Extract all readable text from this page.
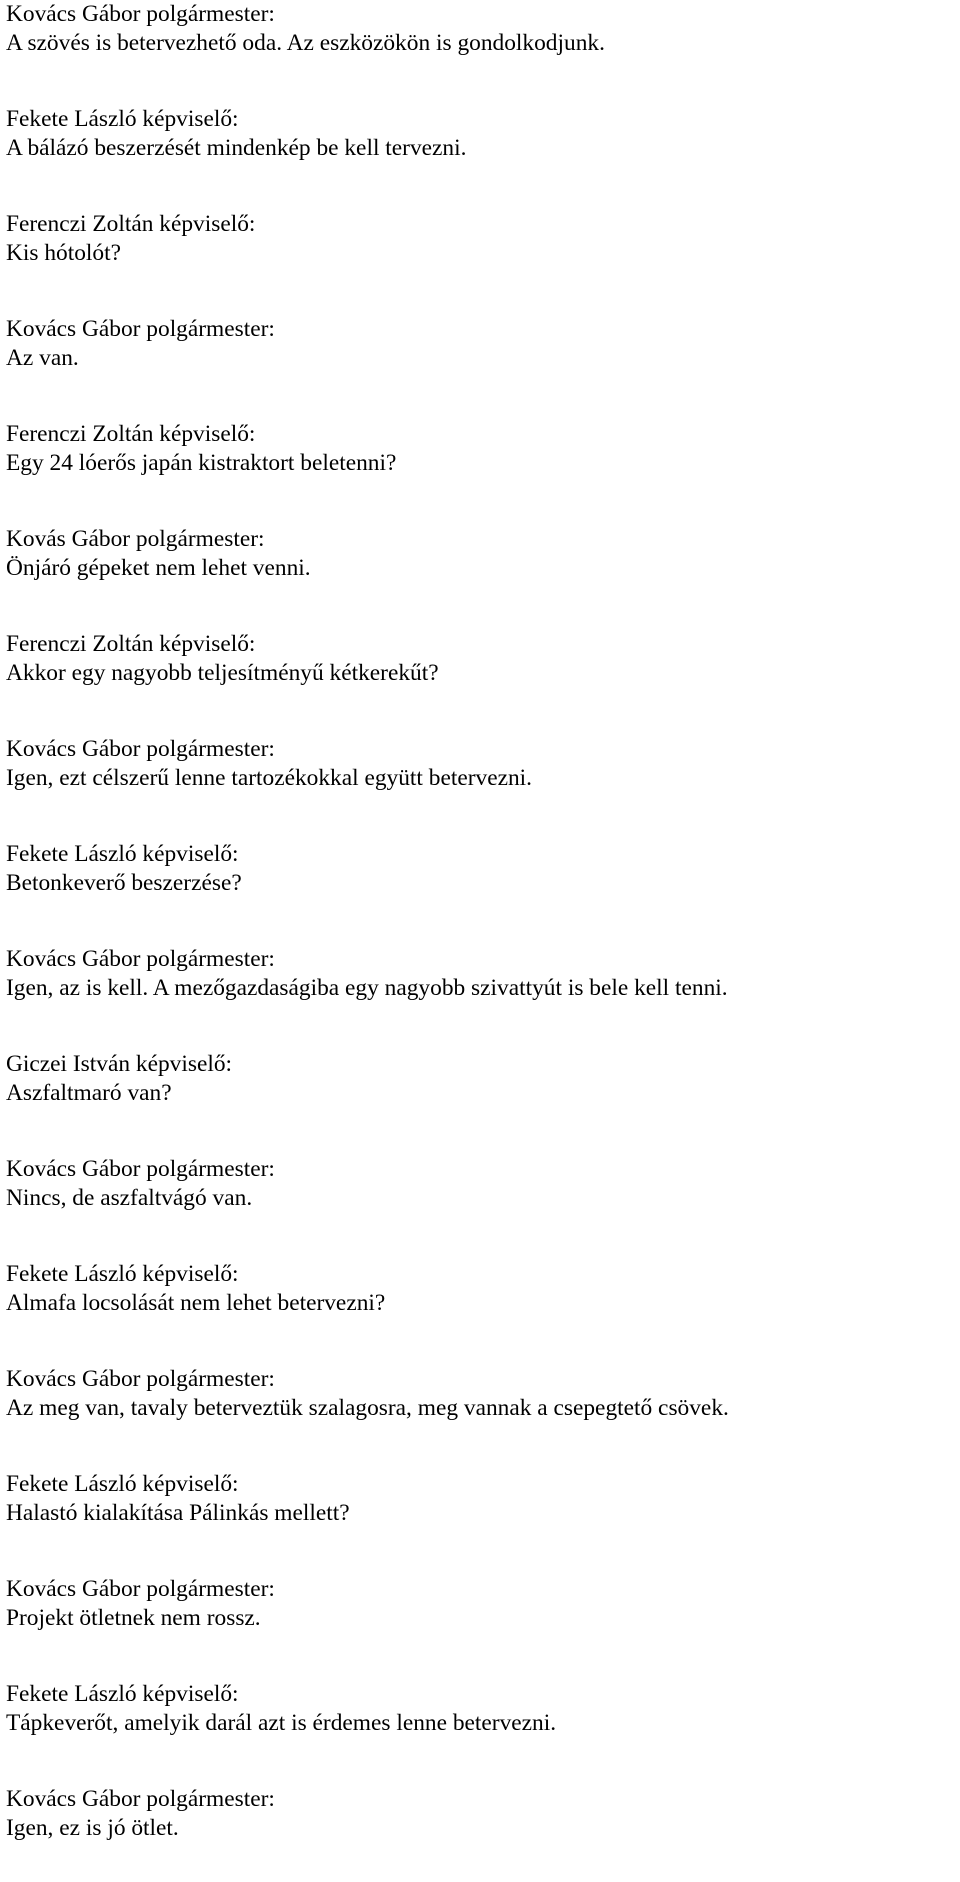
Kovács Gábor polgármester:
A szövés is betervezhető oda. Az eszközökön is gondolkodjunk.
Fekete László képviselő:
A bálázó beszerzését mindenkép be kell tervezni.
Ferenczi Zoltán képviselő:
Kis hótolót?
Kovács Gábor polgármester:
Az van.
Ferenczi Zoltán képviselő:
Egy 24 lóerős japán kistraktort beletenni?
Kovás Gábor polgármester:
Önjáró gépeket nem lehet venni.
Ferenczi Zoltán képviselő:
Akkor egy nagyobb teljesítményű kétkerekűt?
Kovács Gábor polgármester:
Igen, ezt célszerű lenne tartozékokkal együtt betervezni.
Fekete László képviselő:
Betonkeverő beszerzése?
Kovács Gábor polgármester:
Igen, az is kell. A mezőgazdaságiba egy nagyobb szivattyút is bele kell tenni.
Giczei István képviselő:
Aszfaltmaró van?
Kovács Gábor polgármester:
Nincs, de aszfaltvágó van.
Fekete László képviselő:
Almafa locsolását nem lehet betervezni?
Kovács Gábor polgármester:
Az meg van, tavaly beterveztük szalagosra, meg vannak a csepegtető csövek.
Fekete László képviselő:
Halastó kialakítása Pálinkás mellett?
Kovács Gábor polgármester:
Projekt ötletnek nem rossz.
Fekete László képviselő:
Tápkeverőt, amelyik darál azt is érdemes lenne betervezni.
Kovács Gábor polgármester:
Igen, ez is jó ötlet.
